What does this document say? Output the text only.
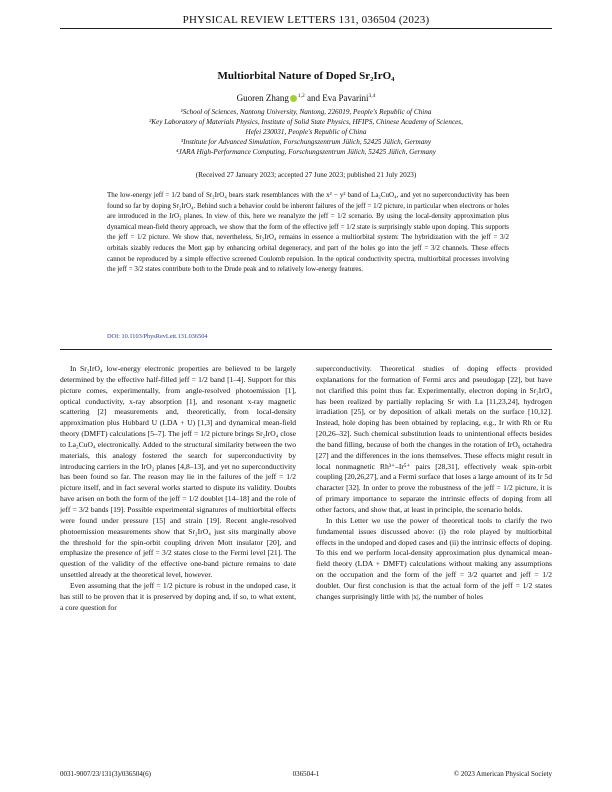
PHYSICAL REVIEW LETTERS 131, 036504 (2023)
Multiorbital Nature of Doped Sr₂IrO₄
Guoren Zhang $^{1,2}$ and Eva Pavarini$^{3,4}$
¹School of Sciences, Nantong University, Nantong, 226019, People's Republic of China
²Key Laboratory of Materials Physics, Institute of Solid State Physics, HFIPS, Chinese Academy of Sciences,
Hefei 230031, People's Republic of China
³Institute for Advanced Simulation, Forschungszentrum Jülich, 52425 Jülich, Germany
⁴JARA High-Performance Computing, Forschungszentrum Jülich, 52425 Jülich, Germany
(Received 27 January 2023; accepted 27 June 2023; published 21 July 2023)
The low-energy jeff = 1/2 band of Sr₂IrO₄ bears stark resemblances with the x² − y² band of La₂CuO₄, and yet no superconductivity has been found so far by doping Sr₂IrO₄. Behind such a behavior could be inherent failures of the jeff = 1/2 picture, in particular when electrons or holes are introduced in the IrO₂ planes. In view of this, here we reanalyze the jeff = 1/2 scenario. By using the local-density approximation plus dynamical mean-field theory approach, we show that the form of the effective jeff = 1/2 state is surprisingly stable upon doping. This supports the jeff = 1/2 picture. We show that, nevertheless, Sr₂IrO₄ remains in essence a multiorbital system: The hybridization with the jeff = 3/2 orbitals sizably reduces the Mott gap by enhancing orbital degeneracy, and part of the holes go into the jeff = 3/2 channels. These effects cannot be reproduced by a simple effective screened Coulomb repulsion. In the optical conductivity spectra, multiorbital processes involving the jeff = 3/2 states contribute both to the Drude peak and to relatively low-energy features.
DOI: 10.1103/PhysRevLett.131.036504

In Sr₂IrO₄ low-energy electronic properties are believed to be largely determined by the effective half-filled jeff = 1/2 band [1–4]. Support for this picture comes, experimentally, from angle-resolved photoemission [1], optical conductivity, x-ray absorption [1], and resonant x-ray magnetic scattering [2] measurements and, theoretically, from local-density approximation plus Hubbard U (LDA + U) [1,3] and dynamical mean-field theory (DMFT) calculations [5–7]. The jeff = 1/2 picture brings Sr₂IrO₄ close to La₂CuO₄ electronically. Added to the structural similarity between the two materials, this analogy fostered the search for superconductivity by introducing carriers in the IrO₂ planes [4,8–13], and yet no superconductivity has been found so far. The reason may lie in the failures of the jeff = 1/2 picture itself, and in fact several works started to dispute its validity. Doubts have arisen on both the form of the jeff = 1/2 doublet [14–18] and the role of jeff = 3/2 bands [19]. Possible experimental signatures of multiorbital effects were found under pressure [15] and strain [19]. Recent angle-resolved photoemission measurements show that Sr₂IrO₄ just sits marginally above the threshold for the spin-orbit coupling driven Mott insulator [20], and emphasize the presence of jeff = 3/2 states close to the Fermi level [21]. The question of the validity of the effective one-band picture remains to date unsettled already at the theoretical level, however.

Even assuming that the jeff = 1/2 picture is robust in the undoped case, it has still to be proven that it is preserved by doping and, if so, to what extent, a core question for

superconductivity. Theoretical studies of doping effects provided explanations for the formation of Fermi arcs and pseudogap [22], but have not clarified this point thus far. Experimentally, electron doping in Sr₂IrO₄ has been realized by partially replacing Sr with La [11,23,24], hydrogen irradiation [25], or by deposition of alkali metals on the surface [10,12]. Instead, hole doping has been obtained by replacing, e.g., Ir with Rh or Ru [20,26–32]. Such chemical substitution leads to unintentional effects besides the band filling, because of both the changes in the rotation of IrO₆ octahedra [27] and the differences in the ions themselves. These effects might result in local nonmagnetic Rh³⁺–Ir⁵⁺ pairs [28,31], effectively weak spin-orbit coupling [20,26,27], and a Fermi surface that loses a large amount of its Ir 5d character [32]. In order to prove the robustness of the jeff = 1/2 picture, it is of primary importance to separate the intrinsic effects of doping from all other factors, and show that, at least in principle, the scenario holds.

In this Letter we use the power of theoretical tools to clarify the two fundamental issues discussed above: (i) the role played by multiorbital effects in the undoped and doped cases and (ii) the intrinsic effects of doping. To this end we perform local-density approximation plus dynamical mean-field theory (LDA + DMFT) calculations without making any assumptions on the occupation and the form of the jeff = 3/2 quartet and jeff = 1/2 doublet. Our first conclusion is that the actual form of the jeff = 1/2 states changes surprisingly little with |x|, the number of holes

0031-9007/23/131(3)/036504(6)	036504-1	© 2023 American Physical Society
